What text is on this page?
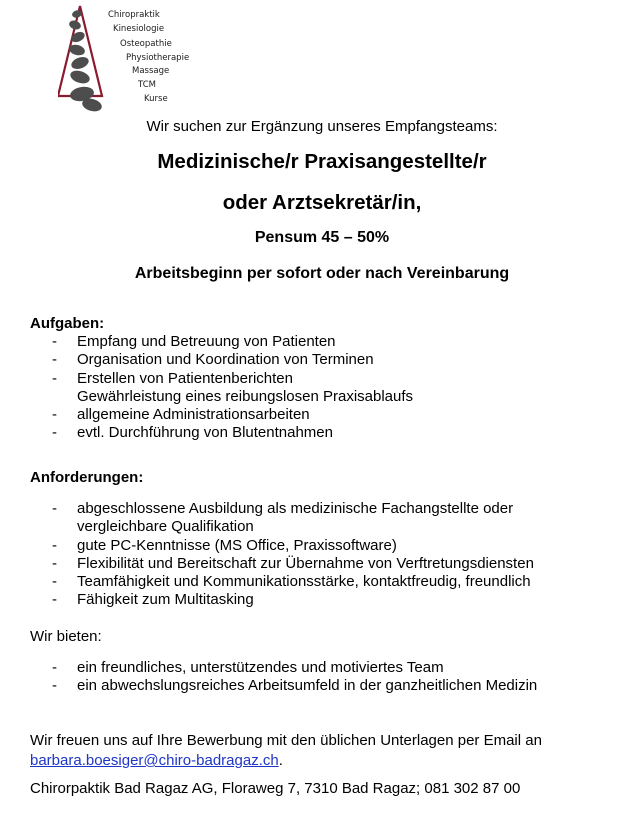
Chiropraktik
Kinesiologie
Osteopathie
Physiotherapie
Massage
TCM
Kurse
Wir suchen zur Ergänzung unseres Empfangsteams:
Medizinische/r Praxisangestellte/r
oder Arztsekretär/in,
Pensum 45 – 50%
Arbeitsbeginn per sofort oder nach Vereinbarung
Aufgaben:
- Empfang und Betreuung von Patienten
- Organisation und Koordination von Terminen
- Erstellen von Patientenberichten
Gewährleistung eines reibungslosen Praxisablaufs
- allgemeine Administrationsarbeiten
- evtl. Durchführung von Blutentnahmen
Anforderungen:
- abgeschlossene Ausbildung als medizinische Fachangstellte oder
vergleichbare Qualifikation
- gute PC-Kenntnisse (MS Office, Praxissoftware)
- Flexibilität und Bereitschaft zur Übernahme von Verftretungsdiensten
- Teamfähigkeit und Kommunikationsstärke, kontaktfreudig, freundlich
- Fähigkeit zum Multitasking
Wir bieten:
- ein freundliches, unterstützendes und motiviertes Team
- ein abwechslungsreiches Arbeitsumfeld in der ganzheitlichen Medizin
Wir freuen uns auf Ihre Bewerbung mit den üblichen Unterlagen per Email an
barbara.boesiger@chiro-badragaz.ch.
Chirorpaktik Bad Ragaz AG, Floraweg 7, 7310 Bad Ragaz; 081 302 87 00
